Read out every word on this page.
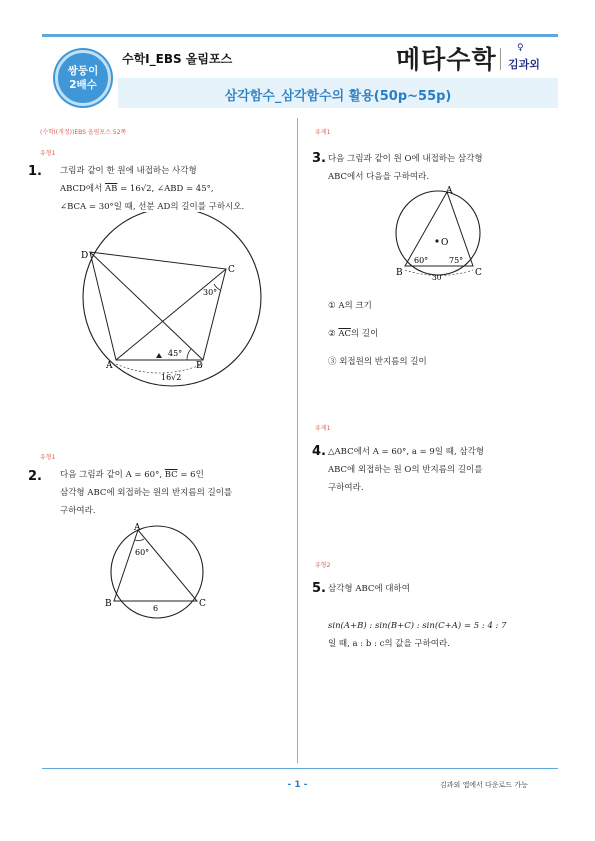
쌍둥이
2배수
수학Ⅰ_EBS 올림포스	메타수학 ♀
김과외
삼각함수_삼각함수의 활용(50p~55p)
(수학Ⅰ(개정))EBS 올림포스 52쪽
유형1
1. 그림과 같이 한 원에 내접하는 사각형
ABCD에서 $\overline{AB} = 16√2$, ∠ABD = 45°,
∠BCA = 30°일 때, 선분 AD의 길이를 구하시오.
D
C
A	B
30°
45°
16√2
유형1
2. 다음 그림과 같이 A = 60°, $\overline{BC} = 6$인
삼각형 ABC에 외접하는 원의 반지름의 길이를
구하여라.
A
B	C
60°
6
유제1
3. 다음 그림과 같이 원 O에 내접하는 삼각형
ABC에서 다음을 구하여라.
A
O
B	C
60°	75°
30
① A의 크기
② $\overline{AC}$의 길이
③ 외접원의 반지름의 길이
유제1
4. △ABC에서 A = 60°, a = 9일 때, 삼각형
ABC에 외접하는 원 O의 반지름의 길이를
구하여라.
유형2
5. 삼각형 ABC에 대하여
sin(A+B) : sin(B+C) : sin(C+A) = 5 : 4 : 7
일 때, a : b : c의 값을 구하여라.
- 1 -	김과외 앱에서 다운로드 가능
